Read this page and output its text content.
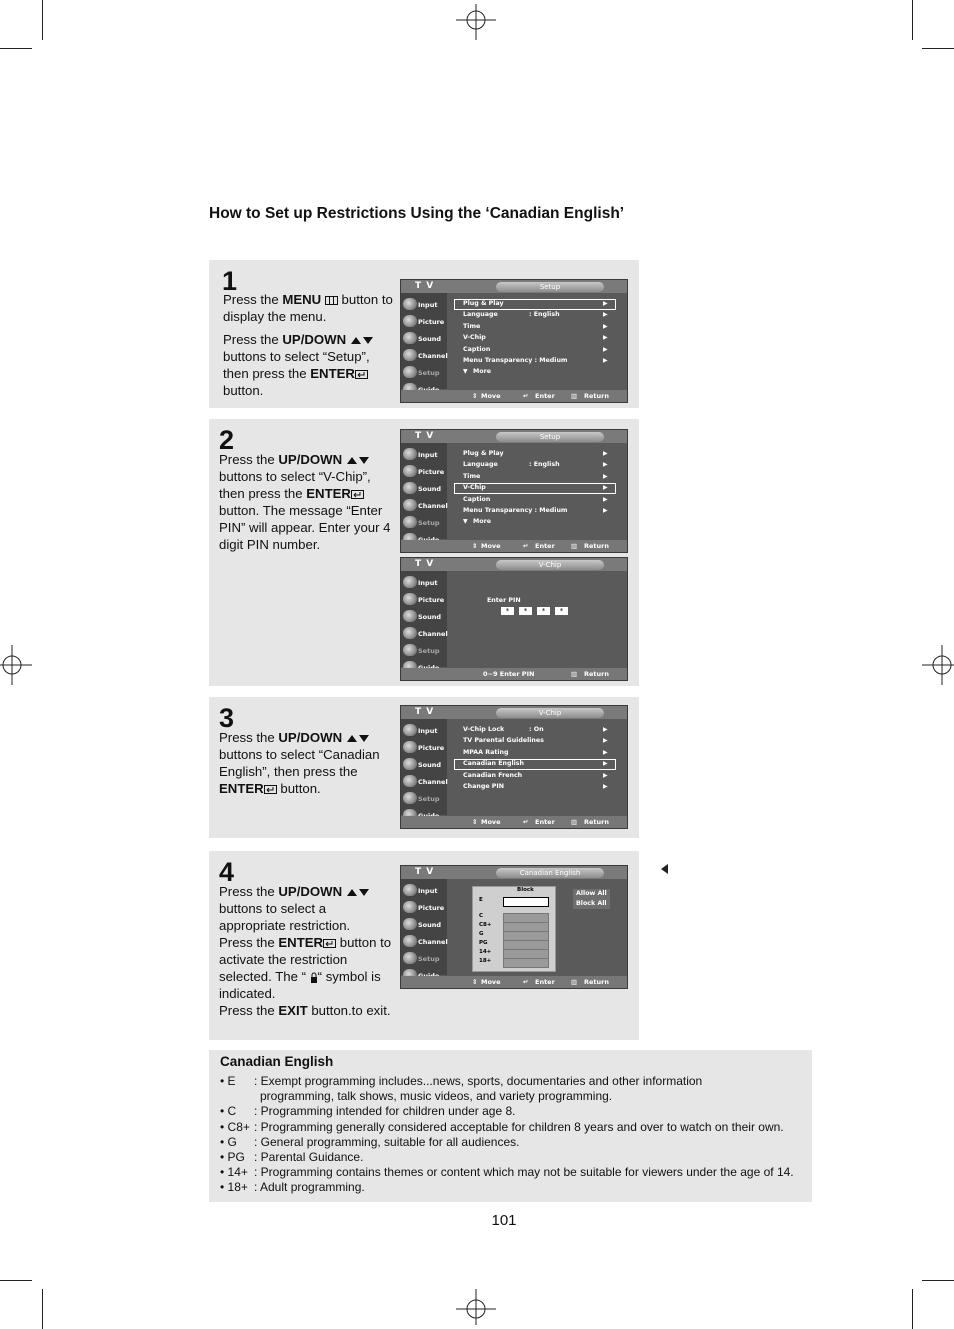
How to Set up Restrictions Using the ‘Canadian English’
1

Press the MENU  button to display the menu.

Press the UP/DOWN  buttons to select “Setup”, then press the ENTER button.

2

Press the UP/DOWN  buttons to select “V-Chip”, then press the ENTER button. The message “Enter PIN” will appear. Enter your 4 digit PIN number.

3

Press the UP/DOWN  buttons to select “Canadian English”, then press the ENTER button.

4

Press the UP/DOWN  buttons to select a appropriate restriction.

Press the ENTER button to activate the restriction selected. The “ “ symbol is indicated.

Press the EXIT button.to exit.

T V	Setup
Input
Picture
Sound
Channel
Setup
Plug & Play	▶
Language	: English	▶
Time	▶
V-Chip	▶
Caption	▶
Menu Transparency : Medium	▶
More
▼
⇕ Move	↵ Enter ▥ Return
T V	Setup
Input
Picture
Sound
Channel
Setup
Plug & Play	▶
Language	: English	▶
Time	▶
V-Chip	▶
Caption	▶
Menu Transparency : Medium	▶
More
▼
⇕ Move	↵ Enter ▥ Return
T V	V-Chip
Input
Picture
Sound
Channel
Setup
Enter PIN
*	*	*	*
0~9 Enter PIN	▥ Return
T V	V-Chip
Input
Picture
Sound
Channel
Setup
V-Chip Lock	: On	▶
TV Parental Guidelines	▶
MPAA Rating	▶
Canadian English	▶
Canadian French	▶
Change PIN	▶
⇕ Move	↵ Enter ▥ Return
T V	Canadian English
Input
Picture
Sound
Channel
Setup
Block
E
C
C8+
G
PG
14+
18+
Allow All
Block All
⇕ Move	↵ Enter ▥ Return
Canadian English
• E	: Exempt programming includes...news, sports, documentaries and other information
programming, talk shows, music videos, and variety programming.
• C	: Programming intended for children under age 8.
• C8+ : Programming generally considered acceptable for children 8 years and over to watch on their own.
• G	: General programming, suitable for all audiences.
• PG : Parental Guidance.
• 14+ : Programming contains themes or content which may not be suitable for viewers under the age of 14.
• 18+ : Adult programming.
101
